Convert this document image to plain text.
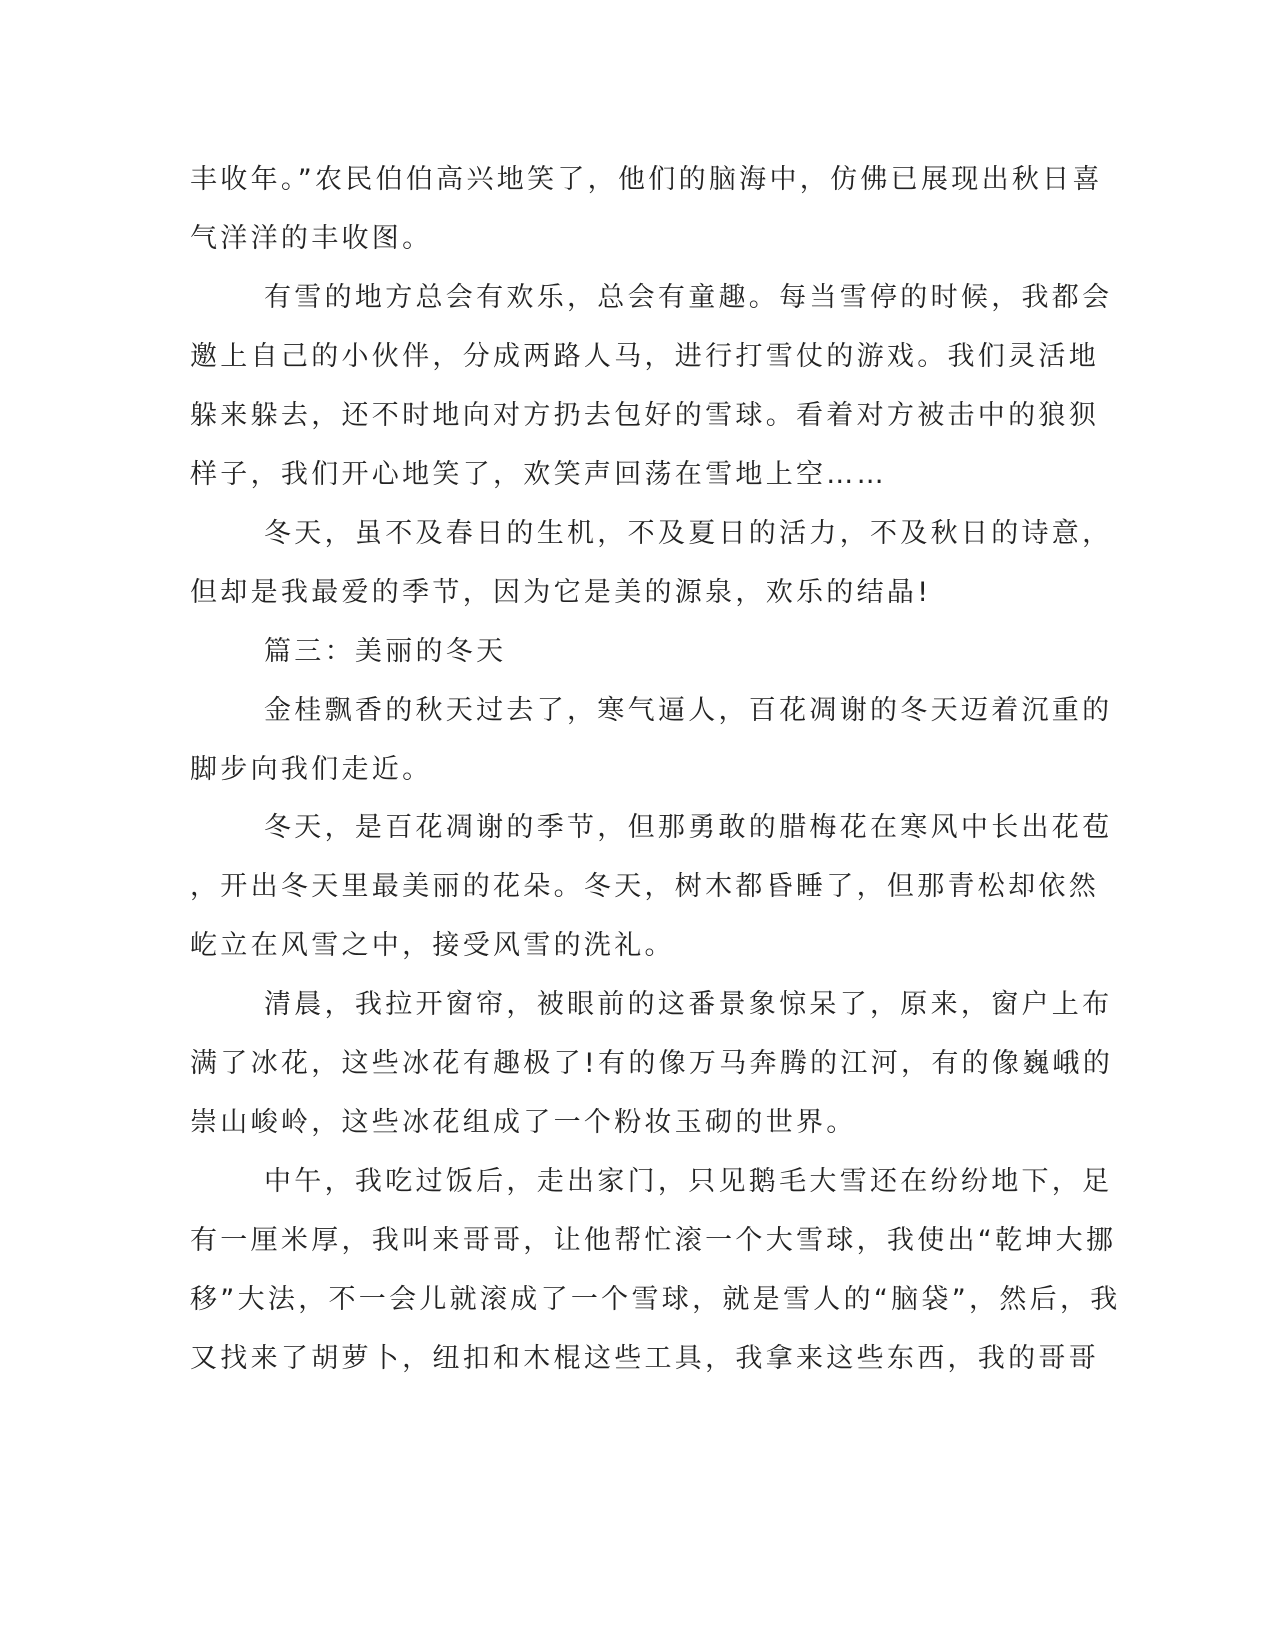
丰收年。”农民伯伯高兴地笑了，他们的脑海中，仿佛已展现出秋日喜
气洋洋的丰收图。
有雪的地方总会有欢乐，总会有童趣。每当雪停的时候，我都会
邀上自己的小伙伴，分成两路人马，进行打雪仗的游戏。我们灵活地
躲来躲去，还不时地向对方扔去包好的雪球。看着对方被击中的狼狈
样子，我们开心地笑了，欢笑声回荡在雪地上空……
冬天，虽不及春日的生机，不及夏日的活力，不及秋日的诗意，
但却是我最爱的季节，因为它是美的源泉，欢乐的结晶!
篇三：美丽的冬天
金桂飘香的秋天过去了，寒气逼人，百花凋谢的冬天迈着沉重的
脚步向我们走近。
冬天，是百花凋谢的季节，但那勇敢的腊梅花在寒风中长出花苞
，开出冬天里最美丽的花朵。冬天，树木都昏睡了，但那青松却依然
屹立在风雪之中，接受风雪的洗礼。
清晨，我拉开窗帘，被眼前的这番景象惊呆了，原来，窗户上布
满了冰花，这些冰花有趣极了!有的像万马奔腾的江河，有的像巍峨的
崇山峻岭，这些冰花组成了一个粉妆玉砌的世界。
中午，我吃过饭后，走出家门，只见鹅毛大雪还在纷纷地下，足
有一厘米厚，我叫来哥哥，让他帮忙滚一个大雪球，我使出“乾坤大挪
移”大法，不一会儿就滚成了一个雪球，就是雪人的“脑袋”，然后，我
又找来了胡萝卜，纽扣和木棍这些工具，我拿来这些东西，我的哥哥
